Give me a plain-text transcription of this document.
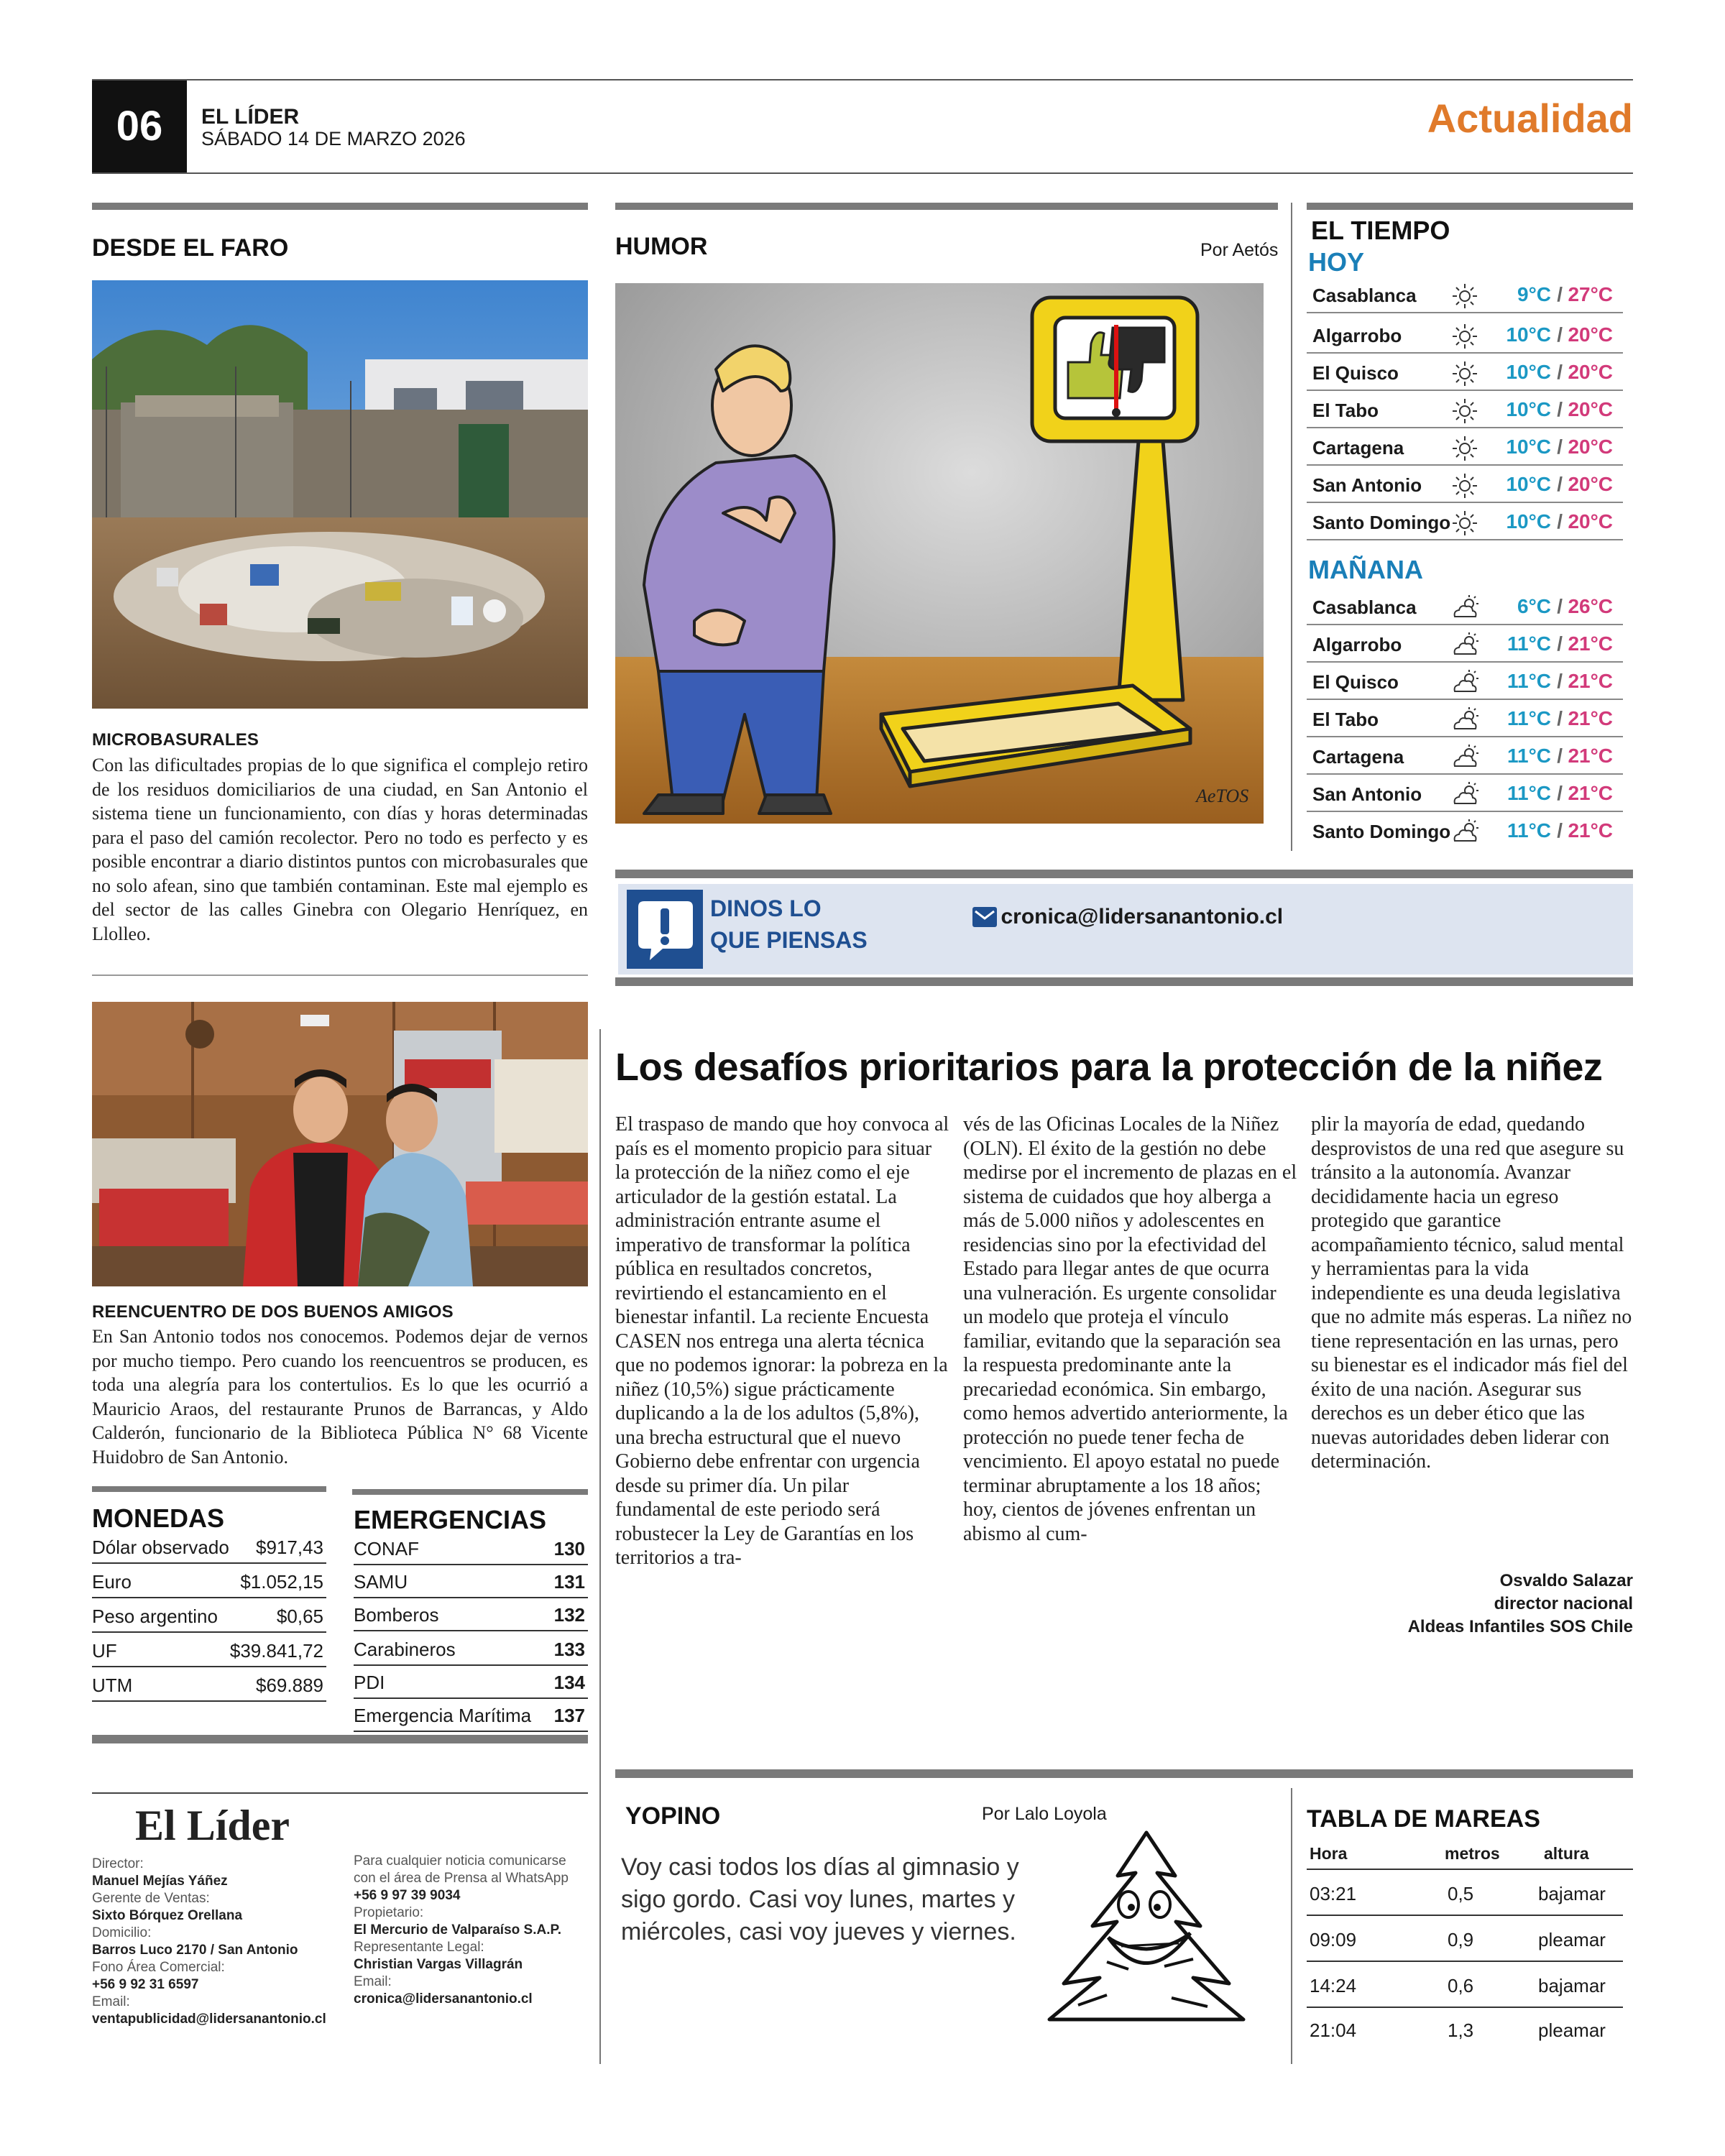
06	EL LÍDER
SÁBADO 14 DE MARZO 2026	Actualidad
DESDE EL FARO
MICROBASURALES
Con las dificultades propias de lo que significa el complejo retiro de los residuos domiciliarios de una ciudad, en San Antonio el sistema tiene un funcionamiento, con días y horas determinadas para el paso del camión recolector. Pero no todo es perfecto y es posible encontrar a diario distintos puntos con microbasurales que no solo afean, sino que también contaminan. Este mal ejemplo es del sector de las calles Ginebra con Olegario Henríquez, en Llolleo.
REENCUENTRO DE DOS BUENOS AMIGOS
En San Antonio todos nos conocemos. Podemos dejar de vernos por mucho tiempo. Pero cuando los reencuentros se producen, es toda una alegría para los contertulios. Es lo que les ocurrió a Mauricio Araos, del restaurante Prunos de Barrancas, y Aldo Calderón, funcionario de la Biblioteca Pública N° 68 Vicente Huidobro de San Antonio.
MONEDAS
Dólar observado $917,43
Euro	$1.052,15
Peso argentino	$0,65
UF	$39.841,72
UTM	$69.889
EMERGENCIAS
CONAF	130
SAMU	131
Bomberos	132
Carabineros	133
PDI	134
Emergencia Marítima 137
El Líder
Director:
Manuel Mejías Yáñez
Gerente de Ventas:
Sixto Bórquez Orellana
Domicilio:
Barros Luco 2170 / San Antonio
Fono Área Comercial:
+56 9 92 31 6597
Email:
ventapublicidad@lidersanantonio.cl
Para cualquier noticia comunicarse con el área de Prensa al WhatsApp
+56 9 97 39 9034
Propietario:
El Mercurio de Valparaíso S.A.P.
Representante Legal:
Christian Vargas Villagrán
Email:
cronica@lidersanantonio.cl
HUMOR	Por Aetós
AeTOS
EL TIEMPO
HOY
Casablanca	9°C / 27°C
Algarrobo	10°C / 20°C
El Quisco	10°C / 20°C
El Tabo	10°C / 20°C
Cartagena	10°C / 20°C
San Antonio	10°C / 20°C
Santo Domingo	10°C / 20°C
MAÑANA
Casablanca	6°C / 26°C
Algarrobo	11°C / 21°C
El Quisco	11°C / 21°C
El Tabo	11°C / 21°C
Cartagena	11°C / 21°C
San Antonio	11°C / 21°C
Santo Domingo	11°C / 21°C
DINOS LO
QUE PIENSAS
cronica@lidersanantonio.cl
Los desafíos prioritarios para la protección de la niñez
El traspaso de mando que hoy convoca al país es el momento propicio para situar la protección de la niñez como el eje articulador de la gestión estatal. La administración entrante asume el imperativo de transformar la política pública en resultados concretos, revirtiendo el estancamiento en el bienestar infantil. La reciente Encuesta CASEN nos entrega una alerta técnica que no podemos ignorar: la pobreza en la niñez (10,5%) sigue prácticamente duplicando a la de los adultos (5,8%), una brecha estructural que el nuevo Gobierno debe enfrentar con urgencia desde su primer día. Un pilar fundamental de este periodo será robustecer la Ley de Garantías en los territorios a tra-
vés de las Oficinas Locales de la Niñez (OLN). El éxito de la gestión no debe medirse por el incremento de plazas en el sistema de cuidados que hoy alberga a más de 5.000 niños y adolescentes en residencias sino por la efectividad del Estado para llegar antes de que ocurra una vulneración. Es urgente consolidar un modelo que proteja el vínculo familiar, evitando que la separación sea la respuesta predominante ante la precariedad económica. Sin embargo, como hemos advertido anteriormente, la protección no puede tener fecha de vencimiento. El apoyo estatal no puede terminar abruptamente a los 18 años; hoy, cientos de jóvenes enfrentan un abismo al cum-
plir la mayoría de edad, quedando desprovistos de una red que asegure su tránsito a la autonomía. Avanzar decididamente hacia un egreso protegido que garantice acompañamiento técnico, salud mental y herramientas para la vida independiente es una deuda legislativa que no admite más esperas. La niñez no tiene representación en las urnas, pero su bienestar es el indicador más fiel del éxito de una nación. Asegurar sus derechos es un deber ético que las nuevas autoridades deben liderar con determinación.
Osvaldo Salazar
director nacional
Aldeas Infantiles SOS Chile
YOPINO	Por Lalo Loyola
Voy casi todos los días al gimnasio y sigo gordo. Casi voy lunes, martes y miércoles, casi voy jueves y viernes.
TABLA DE MAREAS
Hora	metros	altura
03:21	0,5	bajamar
09:09	0,9	pleamar
14:24	0,6	bajamar
21:04	1,3	pleamar
